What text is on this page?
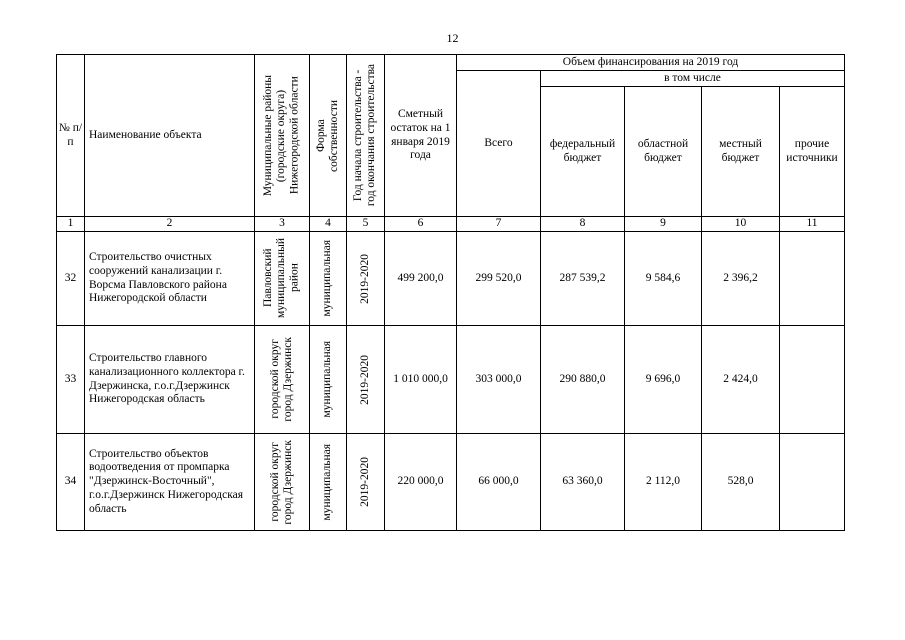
12
№ п/п	Наименование объекта	Муниципальные районы
(городские округа)
Нижегородской области	Форма
собственности	Год начала строительства -
год окончания строительства	Сметный остаток на 1 января 2019 года	Объем финансирования на 2019 год				
						Всего	в том числе			
							федеральный бюджет	областной бюджет	местный бюджет	прочие источники
1	2	3	4	5	6	7	8	9	10	11
32	Строительство очистных сооружений канализации г. Ворсма Павловского района Нижегородской области	Павловский
муниципальный
район	муниципальная	2019-2020	499 200,0	299 520,0	287 539,2	9 584,6	2 396,2	
33	Строительство главного канализационного коллектора г. Дзержинска, г.о.г.Дзержинск Нижегородская область	городской округ
город Дзержинск	муниципальная	2019-2020	1 010 000,0	303 000,0	290 880,0	9 696,0	2 424,0	
34	Строительство объектов водоотведения от промпарка "Дзержинск-Восточный", г.о.г.Дзержинск Нижегородская область	городской округ
город Дзержинск	муниципальная	2019-2020	220 000,0	66 000,0	63 360,0	2 112,0	528,0	
